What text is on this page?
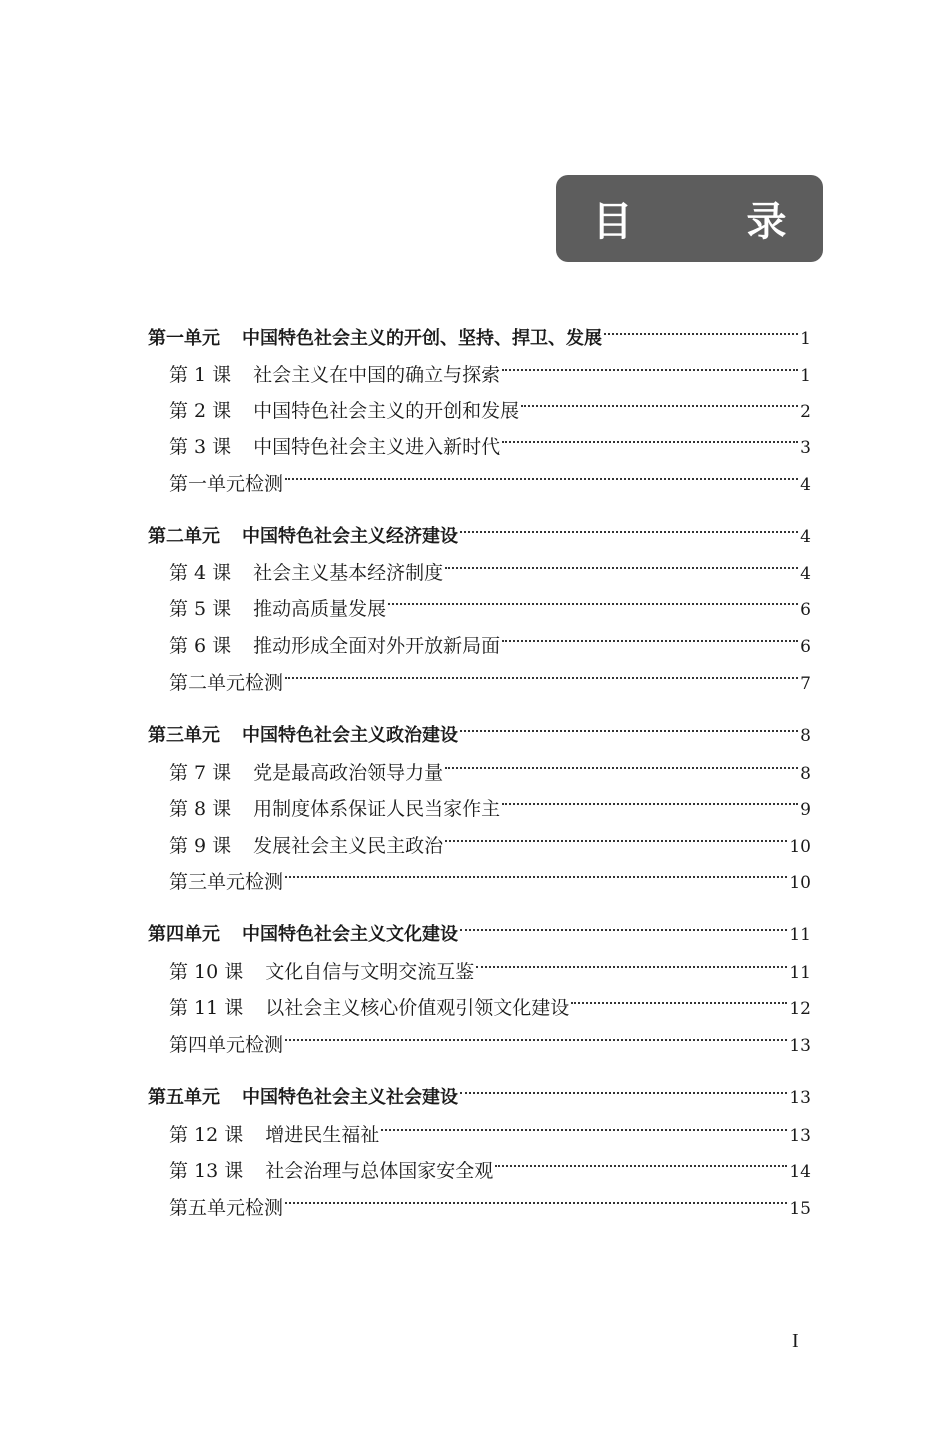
目 录
第一单元 中国特色社会主义的开创、坚持、捍卫、发展	1
第 1 课 社会主义在中国的确立与探索	1
第 2 课 中国特色社会主义的开创和发展	2
第 3 课 中国特色社会主义进入新时代	3
第一单元检测	4
第二单元 中国特色社会主义经济建设	4
第 4 课 社会主义基本经济制度	4
第 5 课 推动高质量发展	6
第 6 课 推动形成全面对外开放新局面	6
第二单元检测	7
第三单元 中国特色社会主义政治建设	8
第 7 课 党是最高政治领导力量	8
第 8 课 用制度体系保证人民当家作主	9
第 9 课 发展社会主义民主政治	10
第三单元检测	10
第四单元 中国特色社会主义文化建设	11
第 10 课 文化自信与文明交流互鉴	11
第 11 课 以社会主义核心价值观引领文化建设	12
第四单元检测	13
第五单元 中国特色社会主义社会建设	13
第 12 课 增进民生福祉	13
第 13 课 社会治理与总体国家安全观	14
第五单元检测	15
I
